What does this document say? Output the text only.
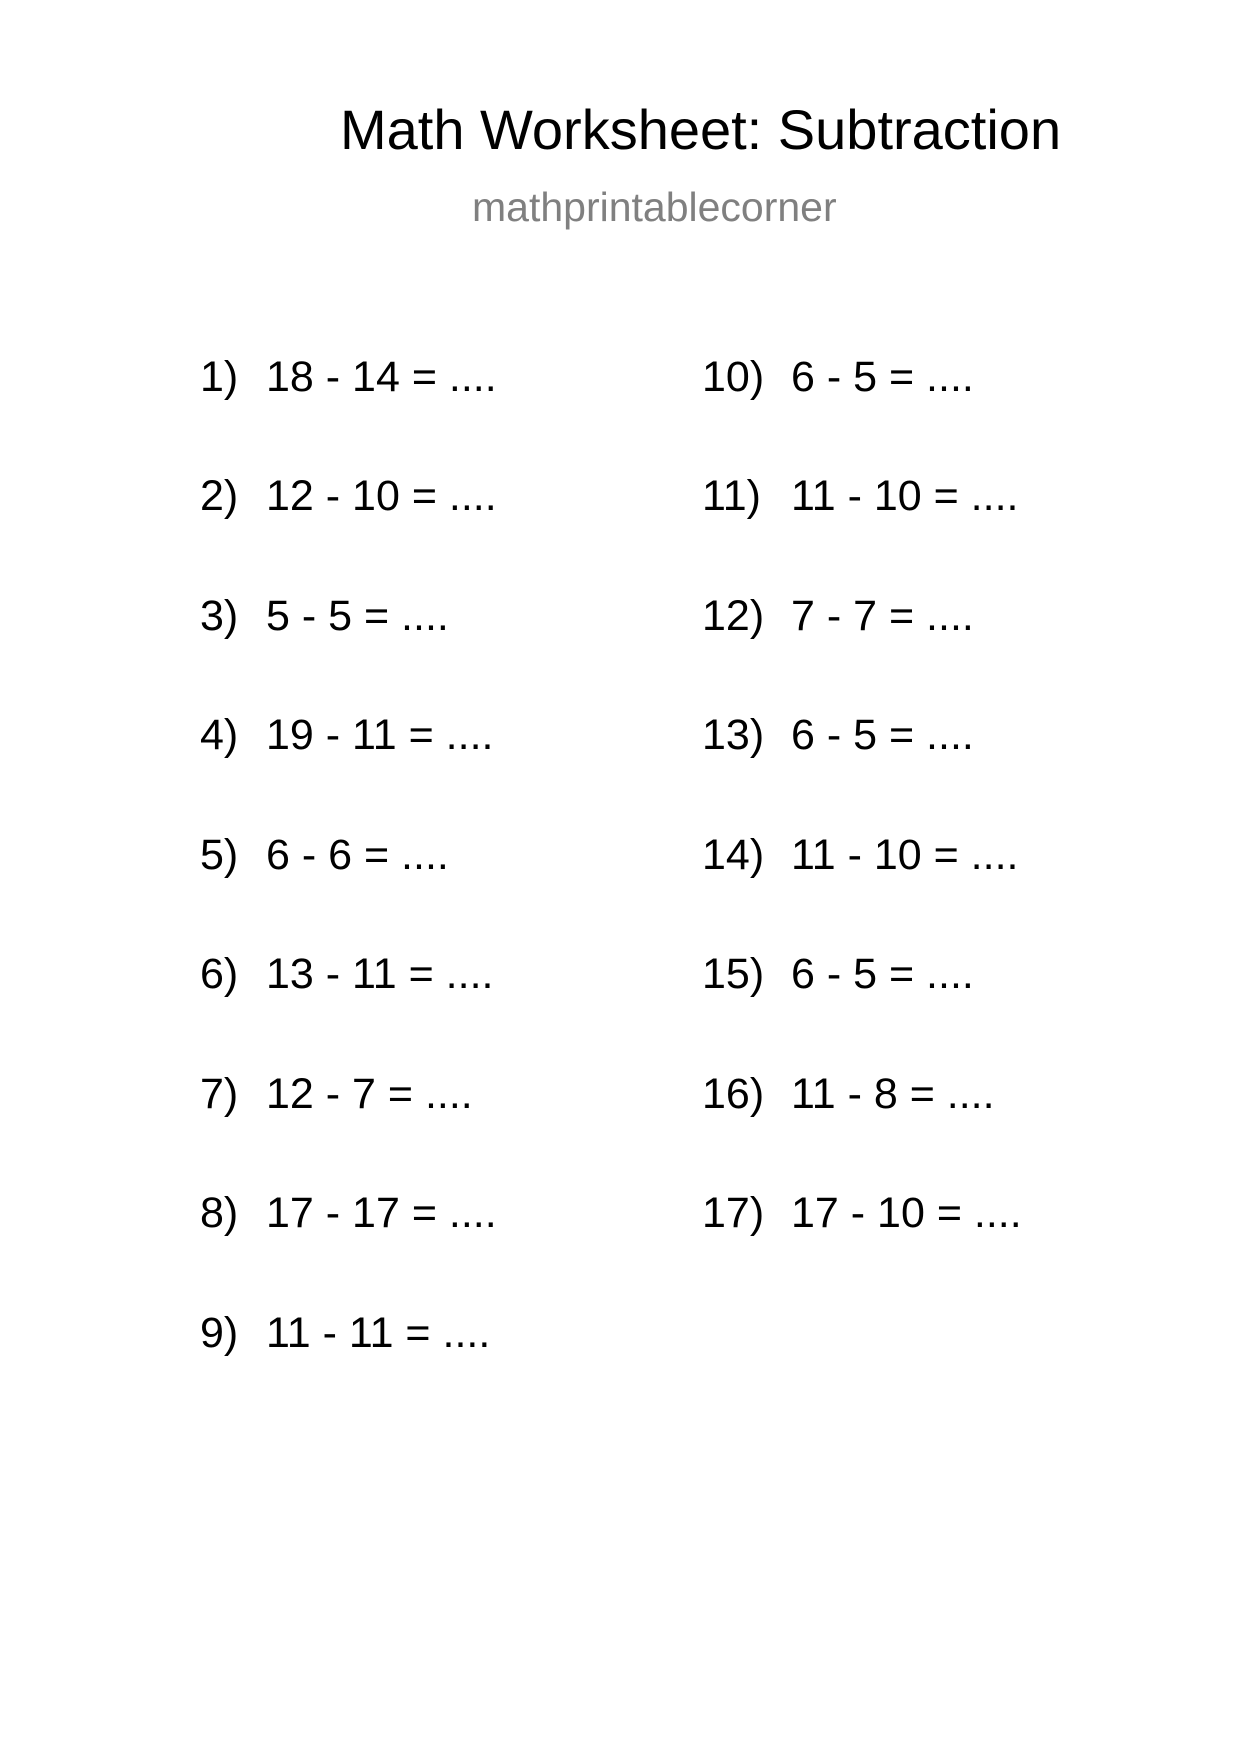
Math Worksheet: Subtraction
mathprintablecorner
1) 18 - 14 = ....
2) 12 - 10 = ....
3) 5 - 5 = ....
4) 19 - 11 = ....
5) 6 - 6 = ....
6) 13 - 11 = ....
7) 12 - 7 = ....
8) 17 - 17 = ....
9) 11 - 11 = ....
10) 6 - 5 = ....
11) 11 - 10 = ....
12) 7 - 7 = ....
13) 6 - 5 = ....
14) 11 - 10 = ....
15) 6 - 5 = ....
16) 11 - 8 = ....
17) 17 - 10 = ....
